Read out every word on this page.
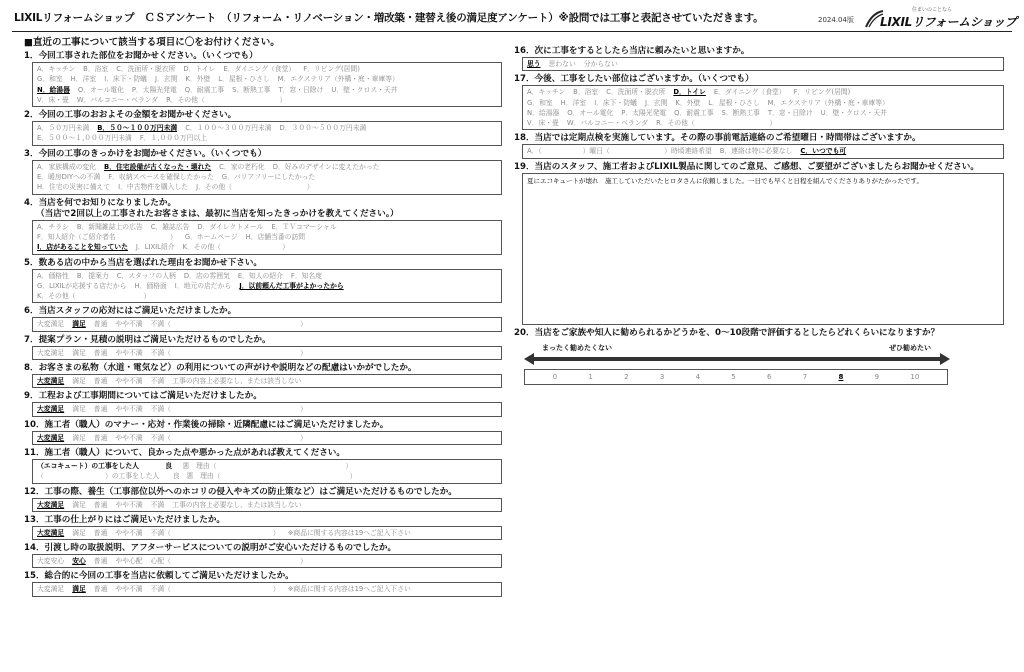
LIXILリフォームショップ　ＣＳアンケート　（リフォーム・リノベーション・増改築・建替え後の満足度アンケート）※設問では工事と表記させていただきます。	2024.04版
住まいのことなら
LIXILリフォームショップ
■直近の工事について該当する項目に〇をお付けください。
1．今回工事された部位をお聞かせください。（いくつでも）
A．キッチン B．浴室 C．洗面所・脱衣所 D．トイレ E．ダイニング（食堂） F．リビング(居間)
G．和室 H．洋室 I．床下・防蟻 J．玄関 K．外壁 L．屋根・ひさし M．エクステリア（外構・庭・車庫等）
N．給湯器 O．オール電化 P．太陽光発電 Q．耐震工事 S．断熱工事 T．窓・日除け U．壁・クロス・天井
V．床・畳 W．バルコニー・ベランダ R．その他（　　　　　　　　　　　）
2．今回の工事のおおよその金額をお聞かせください。
A．５０万円未満 B．５０～１００万円未満 C．１００～３００万円未満 D．３００～５００万円未満
E．５００～１,０００万円未満 F．１,０００万円以上
3．今回の工事のきっかけをお聞かせください。（いくつでも）
A．家族構成の変化 B．住宅設備が古くなった・壊れた C．家の老朽化 D．好みのデザインに変えたかった
E．暖房DIYへの不満 F．収納スペースを確保したかった G．バリアフリーにしたかった
H．住宅の災害に備えて I．中古物件を購入した J．その他（　　　　　　　　　　　）
4．当店を何でお知りになりましたか。
（当店で2回以上の工事されたお客さまは、最初に当店を知ったきっかけを教えてください。）
A．チラシ B．新聞雑誌上の広告 C．雑誌広告 D．ダイレクトメール E．ＴＶコマーシャル
F．知人紹介（ご紹介者名　　　　　　　　） G．ホームページ H．店舗当番の訪問
I．店があることを知っていた J．LIXIL紹介 K．その他（　　　　　　　　　）
5．数ある店の中から当店を選ばれた理由をお聞かせ下さい。
A．価格性 B．提案力 C．スタッフの人柄 D．店の雰囲気 E．知人の紹介 F．知名度
G．LIXILが応援する店だから H．価格面 I．地元の店だから J．以前頼んだ工事がよかったから
K．その他（　　　　　　　　　　）
6．当店スタッフの応対にはご満足いただけましたか。
大変満足 満足 普通 やや不満 不満（　　　　　　　　　　　　　　　　　　　）
7．提案プラン・見積の説明はご満足いただけるものでしたか。
大変満足 満足 普通 やや不満 不満（　　　　　　　　　　　　　　　　　　　）
8．お客さまの私物（水道・電気など）の利用についての声がけや説明などの配慮はいかがでしたか。
大変満足 満足 普通 やや不満 不満 工事の内容上必要なし、または該当しない
9．工程および工事期間についてはご満足いただけましたか。
大変満足 満足 普通 やや不満 不満（　　　　　　　　　　　　　　　　　　　）
10．施工者（職人）のマナー・応対・作業後の掃除・近隣配慮にはご満足いただけましたか。
大変満足 満足 普通 やや不満 不満（　　　　　　　　　　　　　　　　　　　）
11．施工者（職人）について、良かった点や悪かった点があれば教えてください。
（エコキュート）の工事をした人	良 悪　理由（　　　　　　　　　　　　　　　　　　　）
（　　　　　　　　　）の工事をした人　　良　悪　理由（　　　　　　　　　　　　　　　　　　　）
12．工事の際、養生（工事部位以外へのホコリの侵入やキズの防止策など）はご満足いただけるものでしたか。
大変満足 満足 普通 やや不満 不満 工事の内容上必要なし、または該当しない
13．工事の仕上がりにはご満足いただけましたか。
大変満足 満足 普通 やや不満 不満（　　　　　　　　　　　　　　　） ※商品に関する内容は19へご記入下さい
14．引渡し時の取扱説明、アフターサービスについての説明がご安心いただけるものでしたか。
大変安心 安心 普通 やや心配 心配（　　　　　　　　　　　　　　　　　　　）
15．総合的に今回の工事を当店に依頼してご満足いただけましたか。
大変満足 満足 普通 やや不満 不満（　　　　　　　　　　　　　　　） ※商品に関する内容は19へご記入下さい
16．次に工事をするとしたら当店に頼みたいと思いますか。
思う 思わない 分からない
17．今後、工事をしたい部位はございますか。（いくつでも）
A．キッチン B．浴室 C．洗面所・脱衣所 D．トイレ E．ダイニング（食堂） F．リビング(居間)
G．和室 H．洋室 I．床下・防蟻 J．玄関 K．外壁 L．屋根・ひさし M．エクステリア（外構・庭・車庫等）
N．給湯器 O．オール電化 P．太陽光発電 Q．耐震工事 S．断熱工事 T．窓・日除け U．壁・クロス・天井
V．床・畳 W．バルコニー・ベランダ R．その他（　　　　　　　　　　　）
18．当店では定期点検を実施しています。その際の事前電話連絡のご希望曜日・時間帯はございますか。
A．（　　　　　　）曜日（　　　　　　　　）時頃連絡希望 B．連絡は特に必要なし C．いつでも可
19．当店のスタッフ、施工者およびLIXIL製品に関してのご意見、ご感想、ご要望がございましたらお聞かせください。
夏にエコキュートが壊れ　施工していただいたヒロタさんに依頼しました。一日でも早くと日程を組んでくださりありがたかったです。
20．当店をご家族や知人に勧められるかどうかを、0～10段階で評価するとしたらどれくらいになりますか？
まったく勧めたくない	ぜひ勧めたい
0	1	2	3	4	5	6	7	8	9	10
